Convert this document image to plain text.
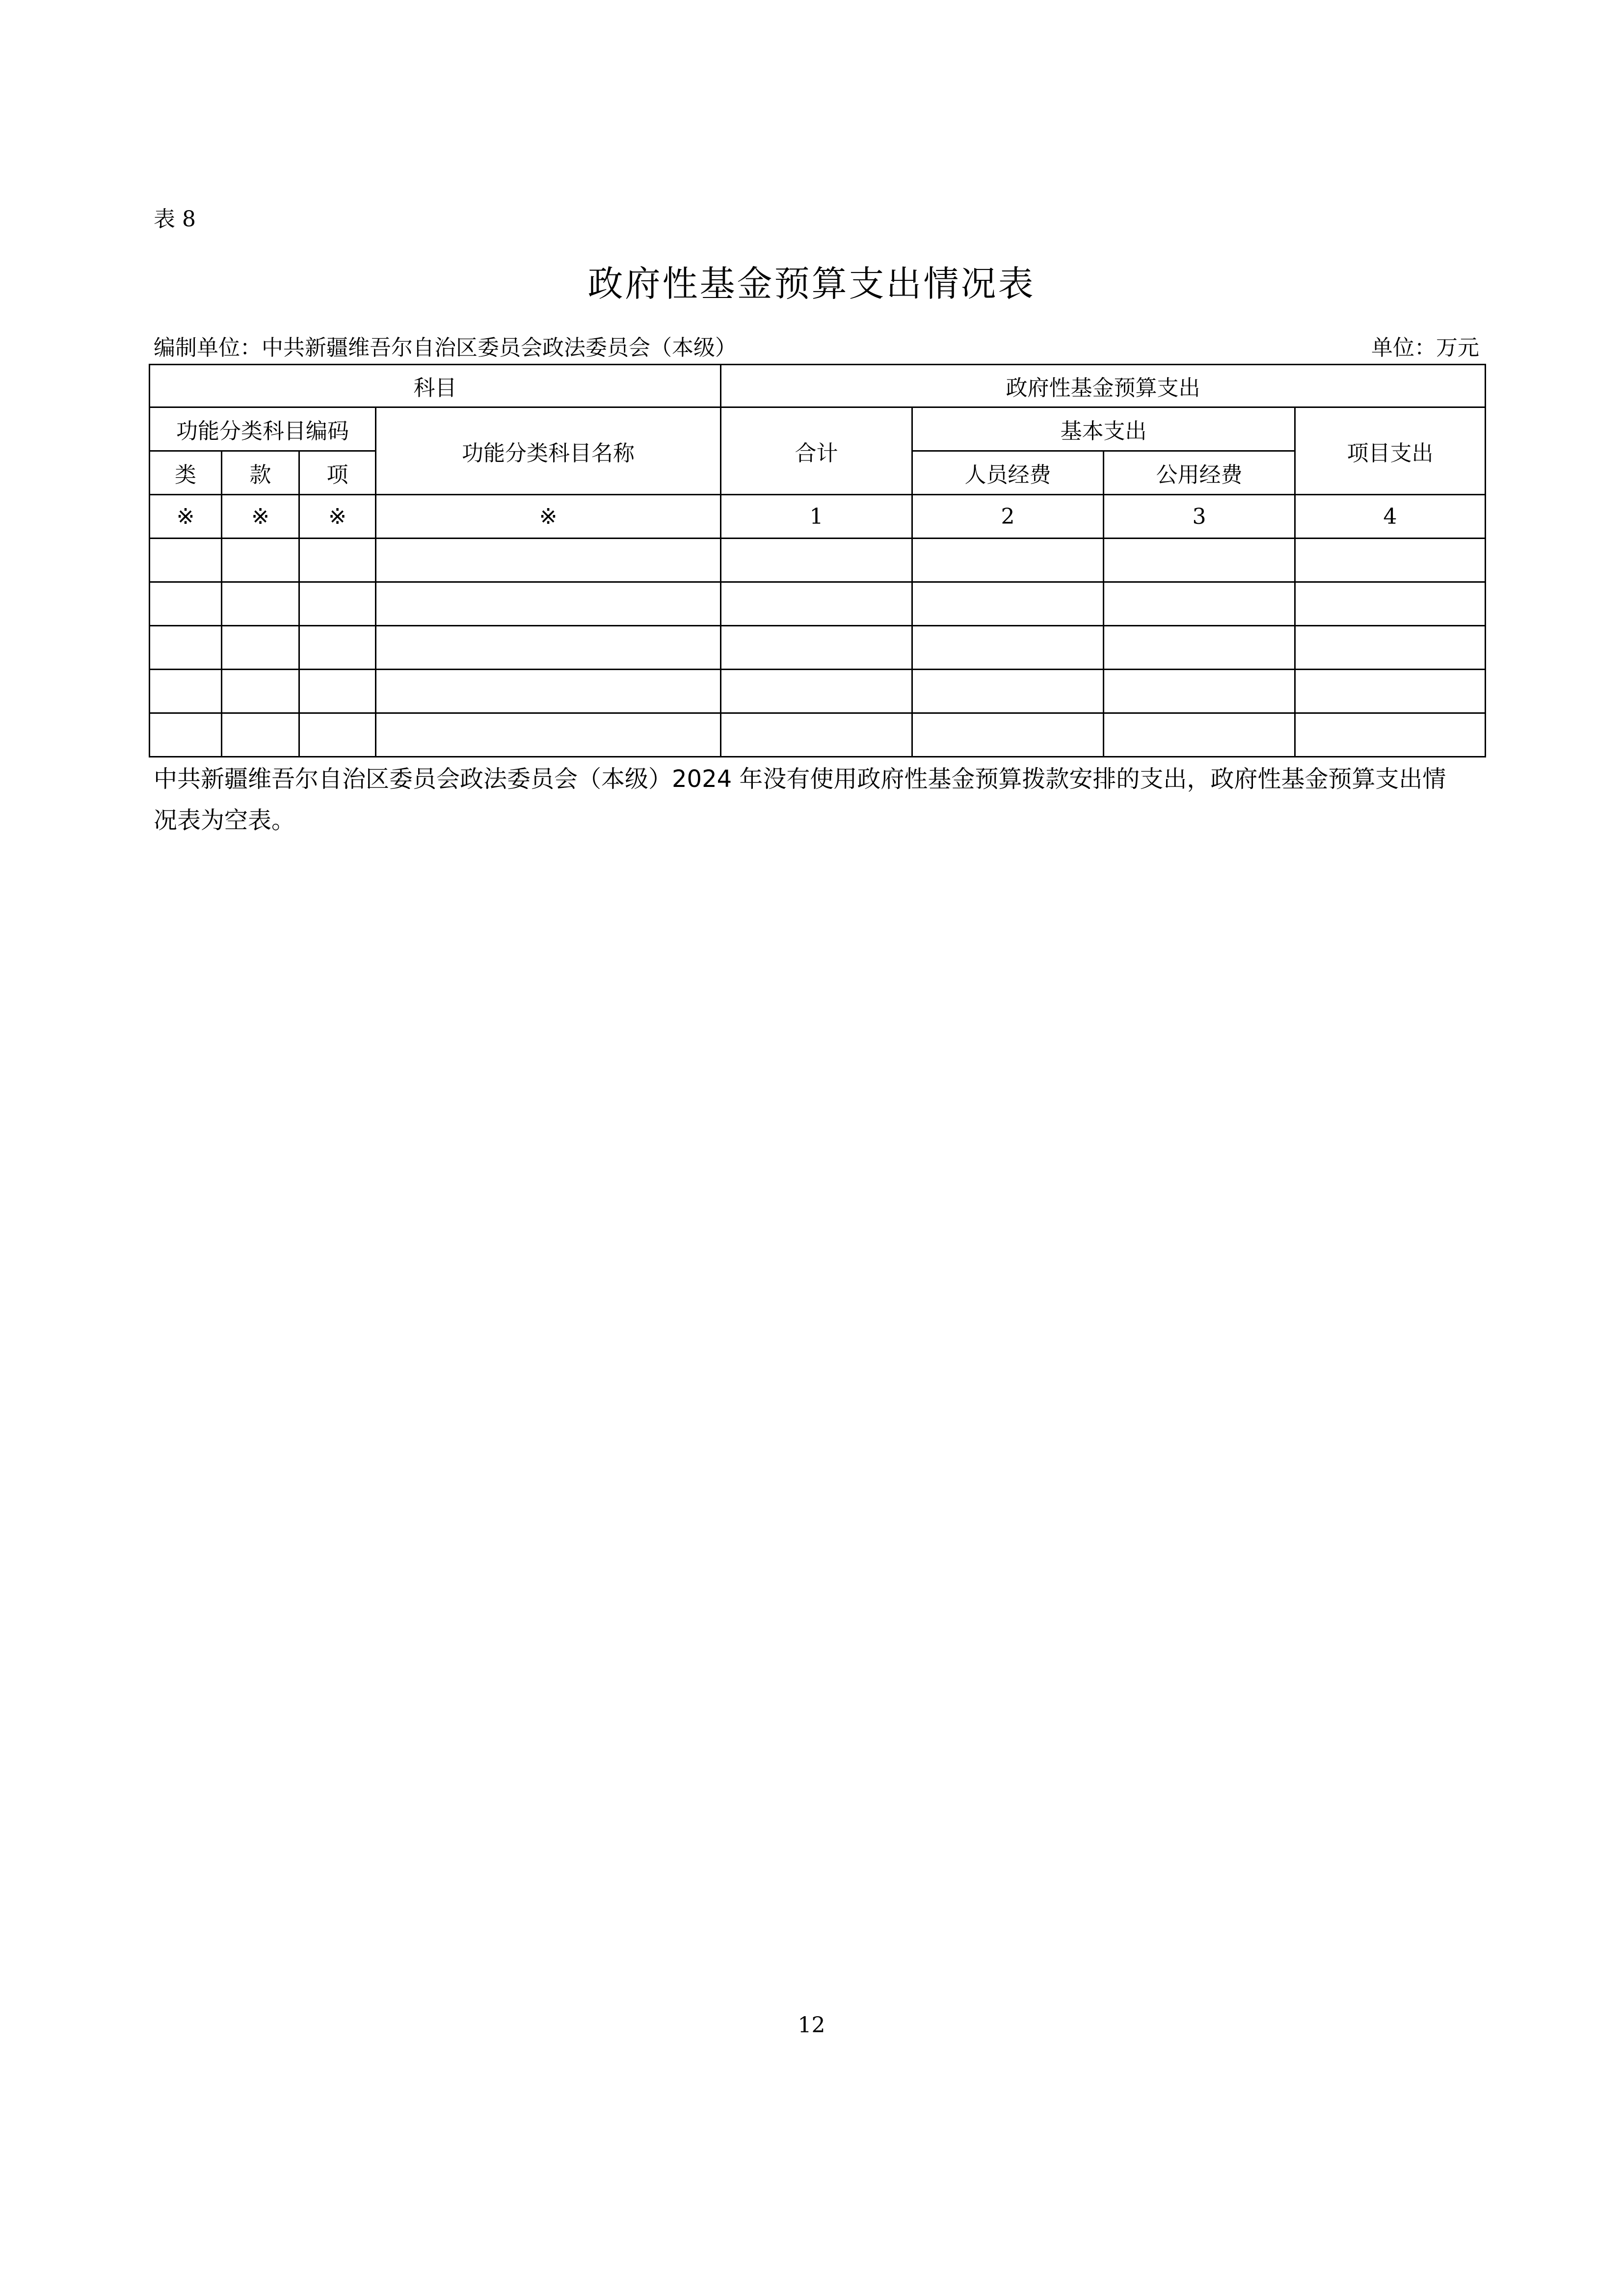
表 8
政府性基金预算支出情况表
编制单位：中共新疆维吾尔自治区委员会政法委员会（本级）	单位：万元
科目				政府性基金预算支出			
功能分类科目编码			功能分类科目名称	合计	基本支出		项目支出
类	款	项			人员经费	公用经费	
※	※	※	※	1	2	3	4

中共新疆维吾尔自治区委员会政法委员会（本级）2024 年没有使用政府性基金预算拨款安排的支出，政府性基金预算支出情况表为空表。
12
